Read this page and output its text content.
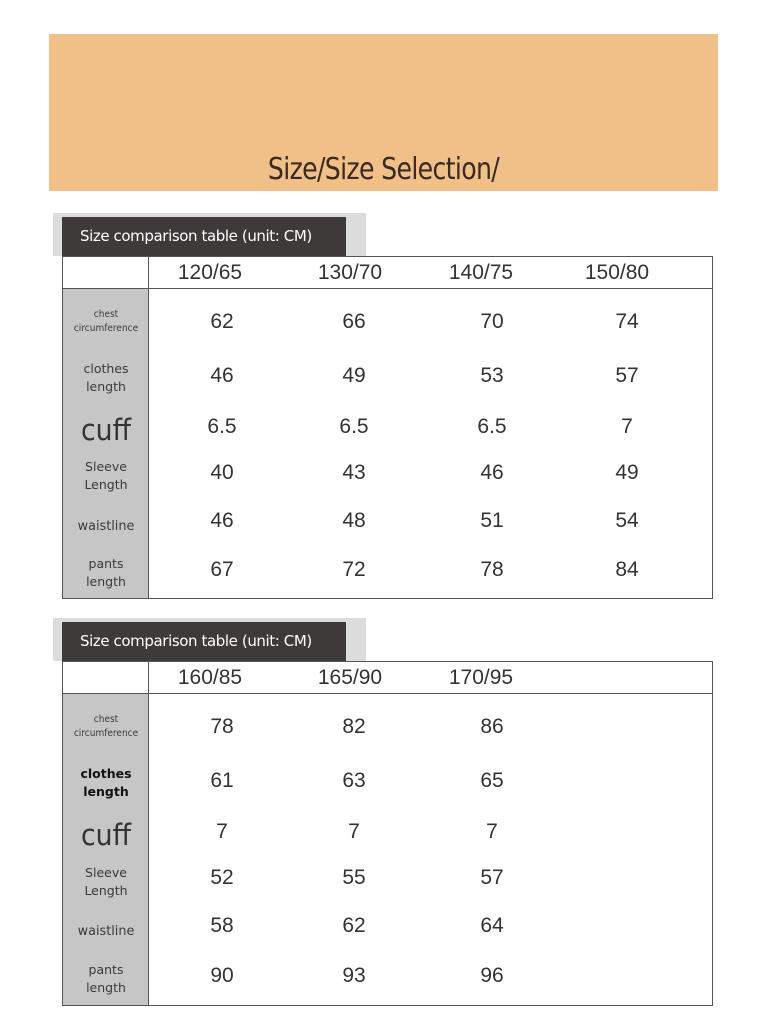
Size/Size Selection/
Size comparison table (unit: CM)
120/65	130/70	140/75	150/80
chest
circumference	62	66	70	74
clothes
length	46	49	53	57
cuff	6.5	6.5	6.5	7
Sleeve
Length
40	43	46	49
waistline	46	48	51	54
pants
length
67	72	78	84
Size comparison table (unit: CM)
160/85	165/90	170/95
chest
circumference	78	82	86
clothes
length	61	63	65
cuff	7	7	7
Sleeve
Length
52	55	57
waistline	58	62	64
pants
length
90	93	96
